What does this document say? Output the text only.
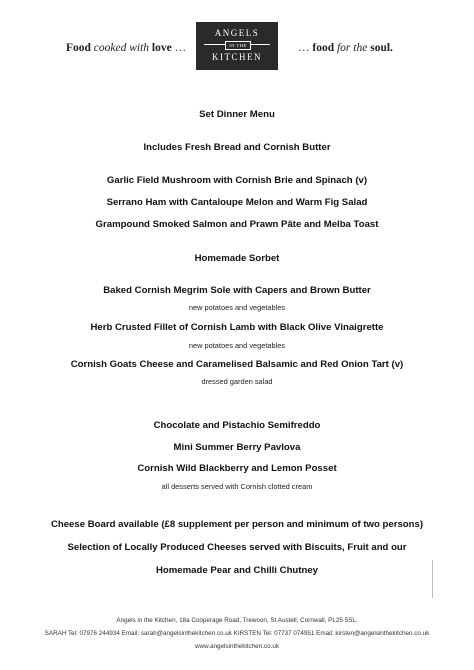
Food cooked with love …
ANGELS
IN THE
KITCHEN
… food for the soul.
Set Dinner Menu
Includes Fresh Bread and Cornish Butter
Garlic Field Mushroom with Cornish Brie and Spinach (v)
Serrano Ham with Cantaloupe Melon and Warm Fig Salad
Grampound Smoked Salmon and Prawn Pâte and Melba Toast
Homemade Sorbet
Baked Cornish Megrim Sole with Capers and Brown Butter
new potatoes and vegetables
Herb Crusted Fillet of Cornish Lamb with Black Olive Vinaigrette
new potatoes and vegetables
Cornish Goats Cheese and Caramelised Balsamic and Red Onion Tart (v)
dressed garden salad
Chocolate and Pistachio Semifreddo
Mini Summer Berry Pavlova
Cornish Wild Blackberry and Lemon Posset
all desserts served with Cornish clotted cream
Cheese Board available (£8 supplement per person and minimum of two persons)
Selection of Locally Produced Cheeses served with Biscuits, Fruit and our
Homemade Pear and Chilli Chutney
Angels in the Kitchen, 18a Cooperage Road, Trewoon, St Austell, Cornwall, PL25 5SL.
SARAH Tel: 07976 244934 Email: sarah@angelsinthekitchen.co.uk KIRSTEN Tel: 07737 074951 Email: kirsten@angelsinthekitchen.co.uk
www.angelsinthekitchen.co.uk
